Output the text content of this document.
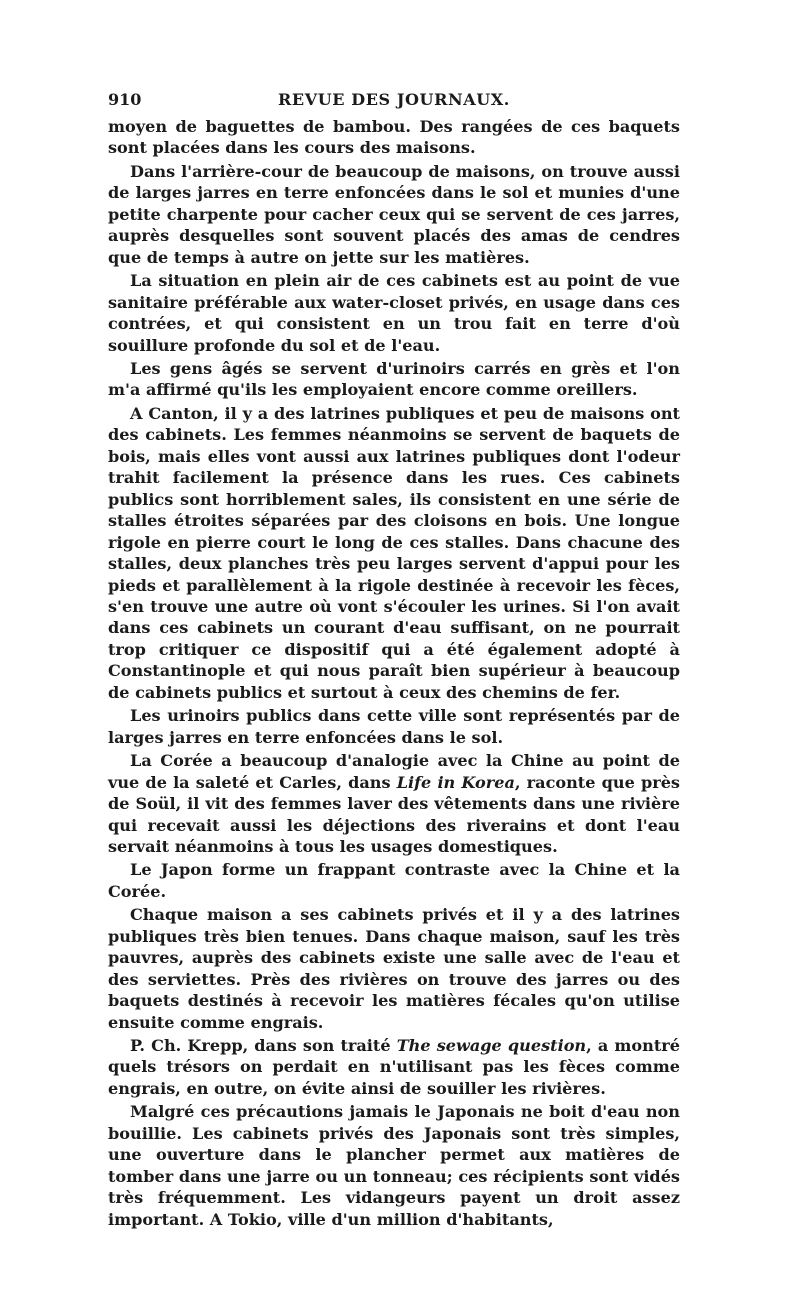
910	REVUE DES JOURNAUX.

moyen de baguettes de bambou. Des rangées de ces baquets sont placées dans les cours des maisons.

Dans l'arrière-cour de beaucoup de maisons, on trouve aussi de larges jarres en terre enfoncées dans le sol et munies d'une petite charpente pour cacher ceux qui se servent de ces jarres, auprès desquelles sont souvent placés des amas de cendres que de temps à autre on jette sur les matières.

La situation en plein air de ces cabinets est au point de vue sanitaire préférable aux water-closet privés, en usage dans ces contrées, et qui consistent en un trou fait en terre d'où souillure profonde du sol et de l'eau.

Les gens âgés se servent d'urinoirs carrés en grès et l'on m'a affirmé qu'ils les employaient encore comme oreillers.

A Canton, il y a des latrines publiques et peu de maisons ont des cabinets. Les femmes néanmoins se servent de baquets de bois, mais elles vont aussi aux latrines publiques dont l'odeur trahit facilement la présence dans les rues. Ces cabinets publics sont horriblement sales, ils consistent en une série de stalles étroites séparées par des cloisons en bois. Une longue rigole en pierre court le long de ces stalles. Dans chacune des stalles, deux planches très peu larges servent d'appui pour les pieds et parallèlement à la rigole destinée à recevoir les fèces, s'en trouve une autre où vont s'écouler les urines. Si l'on avait dans ces cabinets un courant d'eau suffisant, on ne pourrait trop critiquer ce dispositif qui a été également adopté à Constantinople et qui nous paraît bien supérieur à beaucoup de cabinets publics et surtout à ceux des chemins de fer.

Les urinoirs publics dans cette ville sont représentés par de larges jarres en terre enfoncées dans le sol.

La Corée a beaucoup d'analogie avec la Chine au point de vue de la saleté et Carles, dans Life in Korea, raconte que près de Soül, il vit des femmes laver des vêtements dans une rivière qui recevait aussi les déjections des riverains et dont l'eau servait néanmoins à tous les usages domestiques.

Le Japon forme un frappant contraste avec la Chine et la Corée.

Chaque maison a ses cabinets privés et il y a des latrines publiques très bien tenues. Dans chaque maison, sauf les très pauvres, auprès des cabinets existe une salle avec de l'eau et des serviettes. Près des rivières on trouve des jarres ou des baquets destinés à recevoir les matières fécales qu'on utilise ensuite comme engrais.

P. Ch. Krepp, dans son traité The sewage question, a montré quels trésors on perdait en n'utilisant pas les fèces comme engrais, en outre, on évite ainsi de souiller les rivières.

Malgré ces précautions jamais le Japonais ne boit d'eau non bouillie. Les cabinets privés des Japonais sont très simples, une ouverture dans le plancher permet aux matières de tomber dans une jarre ou un tonneau; ces récipients sont vidés très fréquemment. Les vidangeurs payent un droit assez important. A Tokio, ville d'un million d'habitants,
